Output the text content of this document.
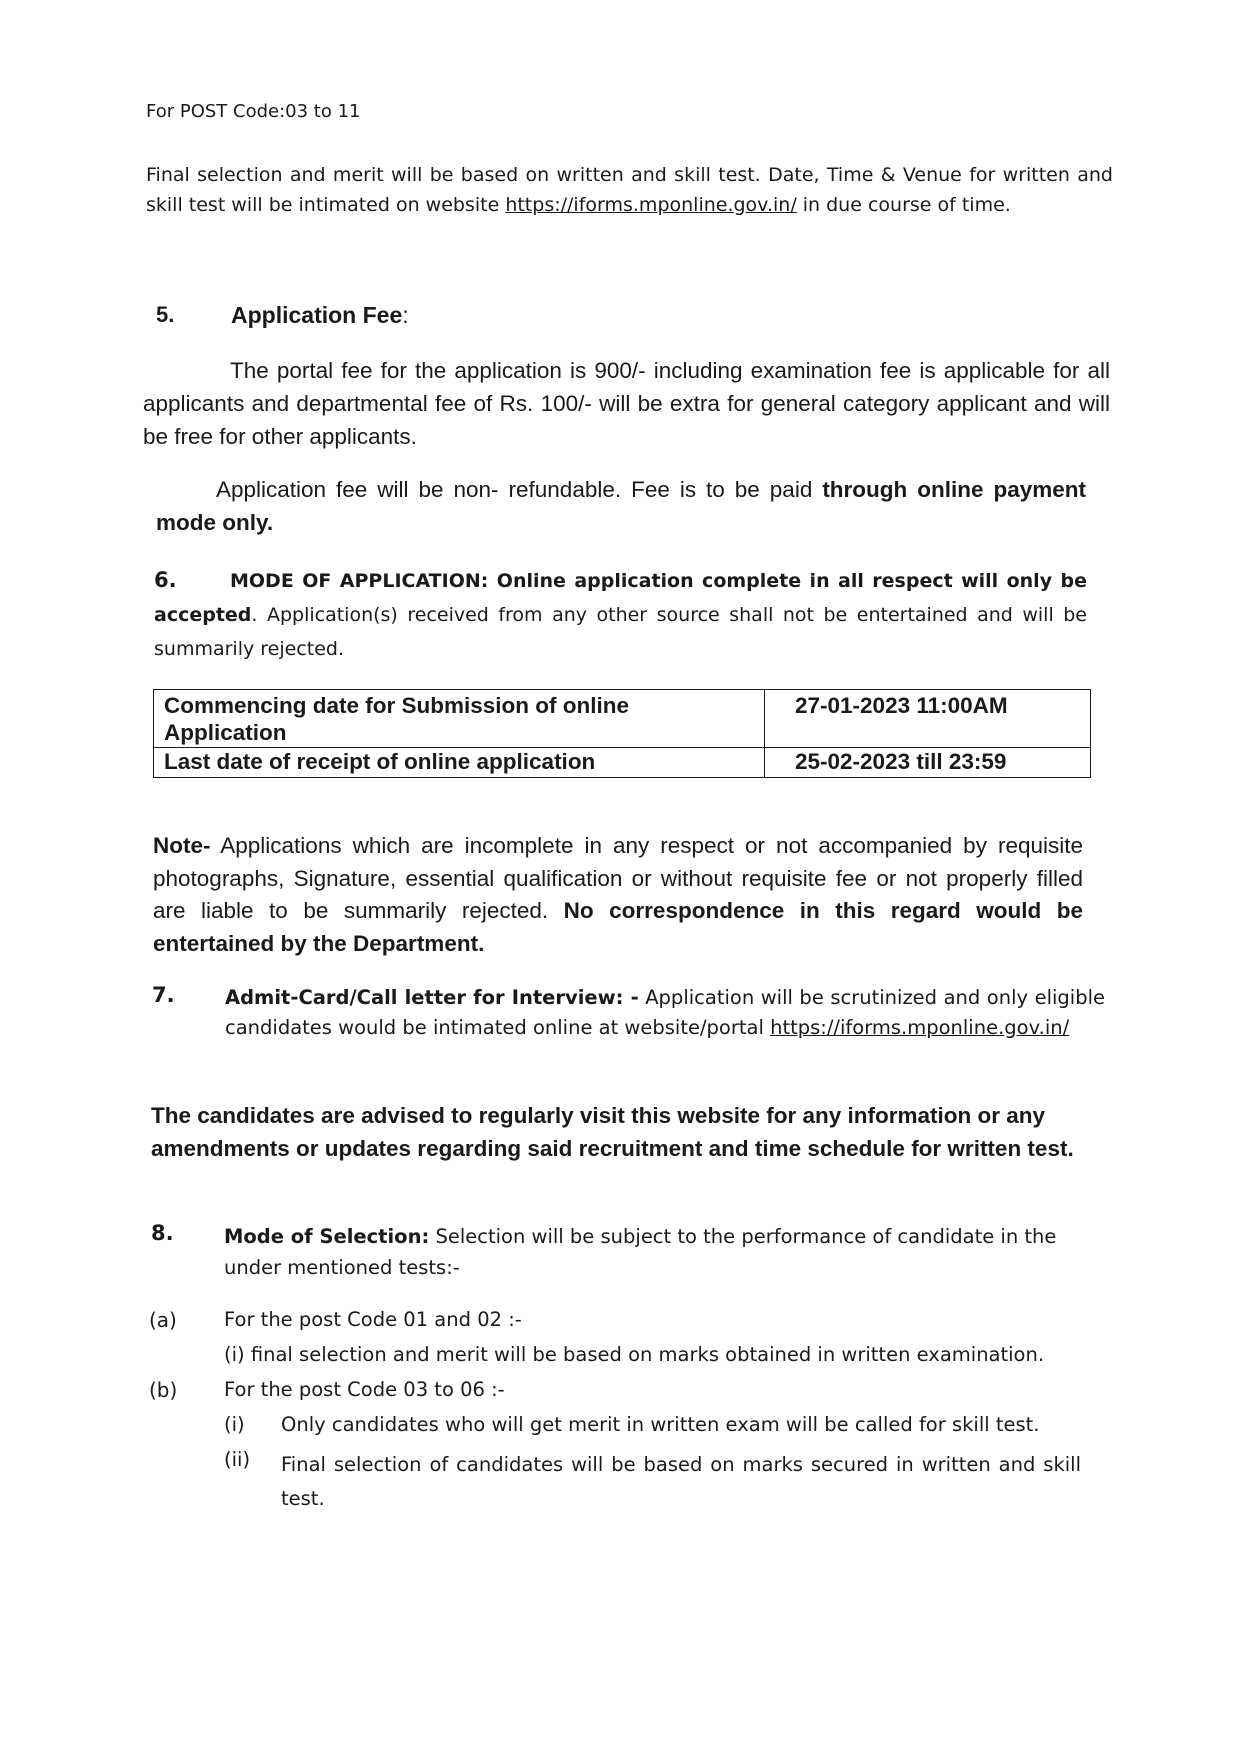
For POST Code:03 to 11
Final selection and merit will be based on written and skill test. Date, Time & Venue for written and skill test will be intimated on website https://iforms.mponline.gov.in/ in due course of time.
5. Application Fee:
The portal fee for the application is 900/- including examination fee is applicable for all applicants and departmental fee of Rs. 100/- will be extra for general category applicant and will be free for other applicants.
Application fee will be non- refundable. Fee is to be paid through online payment mode only.
6.	MODE OF APPLICATION: Online application complete in all respect will only be accepted. Application(s) received from any other source shall not be entertained and will be summarily rejected.
Commencing date for Submission of online Application	27-01-2023 11:00AM
Last date of receipt of online application	25-02-2023 till 23:59
Note- Applications which are incomplete in any respect or not accompanied by requisite photographs, Signature, essential qualification or without requisite fee or not properly filled are liable to be summarily rejected. No correspondence in this regard would be entertained by the Department.
7.	Admit-Card/Call letter for Interview: - Application will be scrutinized and only eligible candidates would be intimated online at website/portal https://iforms.mponline.gov.in/
The candidates are advised to regularly visit this website for any information or any amendments or updates regarding said recruitment and time schedule for written test.
8.	Mode of Selection: Selection will be subject to the performance of candidate in the under mentioned tests:-
(a) For the post Code 01 and 02 :-
(i) final selection and merit will be based on marks obtained in written examination.
(b) For the post Code 03 to 06 :-
(i) Only candidates who will get merit in written exam will be called for skill test.
(ii) Final selection of candidates will be based on marks secured in written and skill test.
